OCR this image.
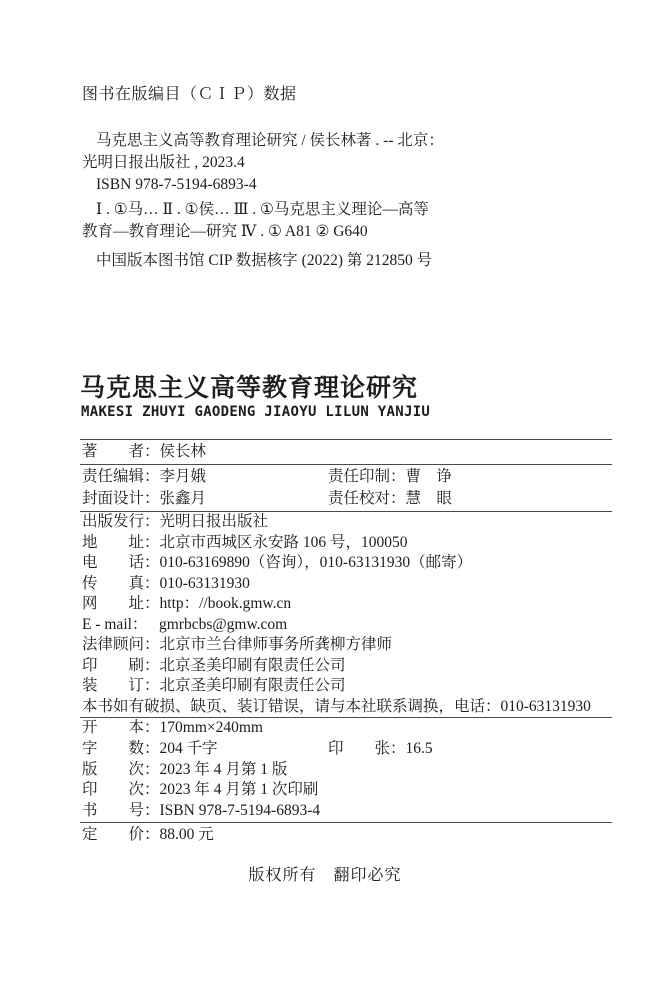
图书在版编目（ＣＩＰ）数据
马克思主义高等教育理论研究 / 侯长林著 . -- 北京：
光明日报出版社 , 2023.4
ISBN 978-7-5194-6893-4
Ⅰ . ①马… Ⅱ . ①侯… Ⅲ . ①马克思主义理论—高等
教育—教育理论—研究 Ⅳ . ① A81 ② G640
中国版本图书馆 CIP 数据核字 (2022) 第 212850 号
马克思主义高等教育理论研究
MAKESI ZHUYI GAODENG JIAOYU LILUN YANJIU
著　　者：侯长林
责任编辑：李月娥	责任印制：曹　诤
封面设计：张鑫月	责任校对：慧　眼
出版发行：光明日报出版社
地　　址：北京市西城区永安路 106 号，100050
电　　话：010-63169890（咨询），010-63131930（邮寄）
传　　真：010-63131930
网　　址：http：//book.gmw.cn
E - mail： gmrbcbs@gmw.com
法律顾问：北京市兰台律师事务所龚柳方律师
印　　刷：北京圣美印刷有限责任公司
装　　订：北京圣美印刷有限责任公司
本书如有破损、缺页、装订错误，请与本社联系调换，电话：010-63131930
开　　本：170mm×240mm
字　　数：204 千字	印　　张：16.5
版　　次：2023 年 4 月第 1 版
印　　次：2023 年 4 月第 1 次印刷
书　　号：ISBN 978-7-5194-6893-4
定　　价：88.00 元
版权所有　翻印必究
